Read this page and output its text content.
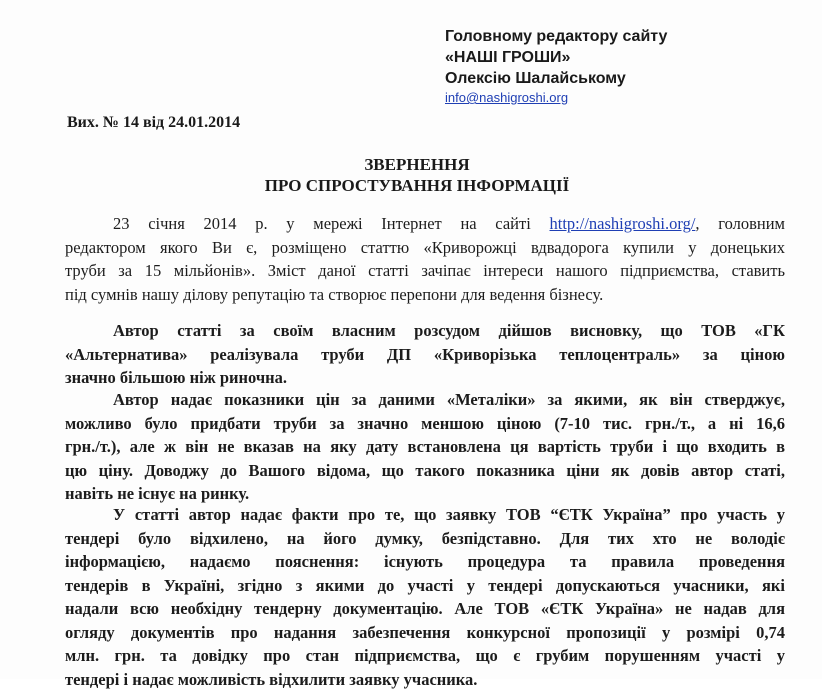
Головному редактору сайту
«НАШІ ГРОШИ»
Олексію Шалайському
info@nashigroshi.org
Вих. № 14 від 24.01.2014
ЗВЕРНЕННЯ
ПРО СПРОСТУВАННЯ ІНФОРМАЦІЇ
23 січня 2014 р. у мережі Інтернет на сайті http://nashigroshi.org/, головним
редактором якого Ви є, розміщено статтю «Криворожці вдвадорога купили у донецьких
труби за 15 мільйонів». Зміст даної статті зачіпає інтереси нашого підприємства, ставить
під сумнів нашу ділову репутацію та створює перепони для ведення бізнесу.
Автор статті за своїм власним розсудом дійшов висновку, що ТОВ «ГК
«Альтернатива» реалізувала труби ДП «Криворізька теплоцентраль» за ціною
значно більшою ніж риночна.
Автор надає показники цін за даними «Металіки» за якими, як він стверджує,
можливо було придбати труби за значно меншою ціною (7-10 тис. грн./т., а ні 16,6
грн./т.), але ж він не вказав на яку дату встановлена ця вартість труби і що входить в
цю ціну. Доводжу до Вашого відома, що такого показника ціни як довів автор статі,
навіть не існує на ринку.
У статті автор надає факти про те, що заявку ТОВ “ЄТК Україна” про участь у
тендері було відхилено, на його думку, безпідставно. Для тих хто не володіє
інформацією, надаємо пояснення: існують процедура та правила проведення
тендерів в Україні, згідно з якими до участі у тендері допускаються учасники, які
надали всю необхідну тендерну документацію. Але ТОВ «ЄТК Україна» не надав для
огляду документів про надання забезпечення конкурсної пропозиції у розмірі 0,74
млн. грн. та довідку про стан підприємства, що є грубим порушенням участі у
тендері і надає можливість відхилити заявку учасника.
